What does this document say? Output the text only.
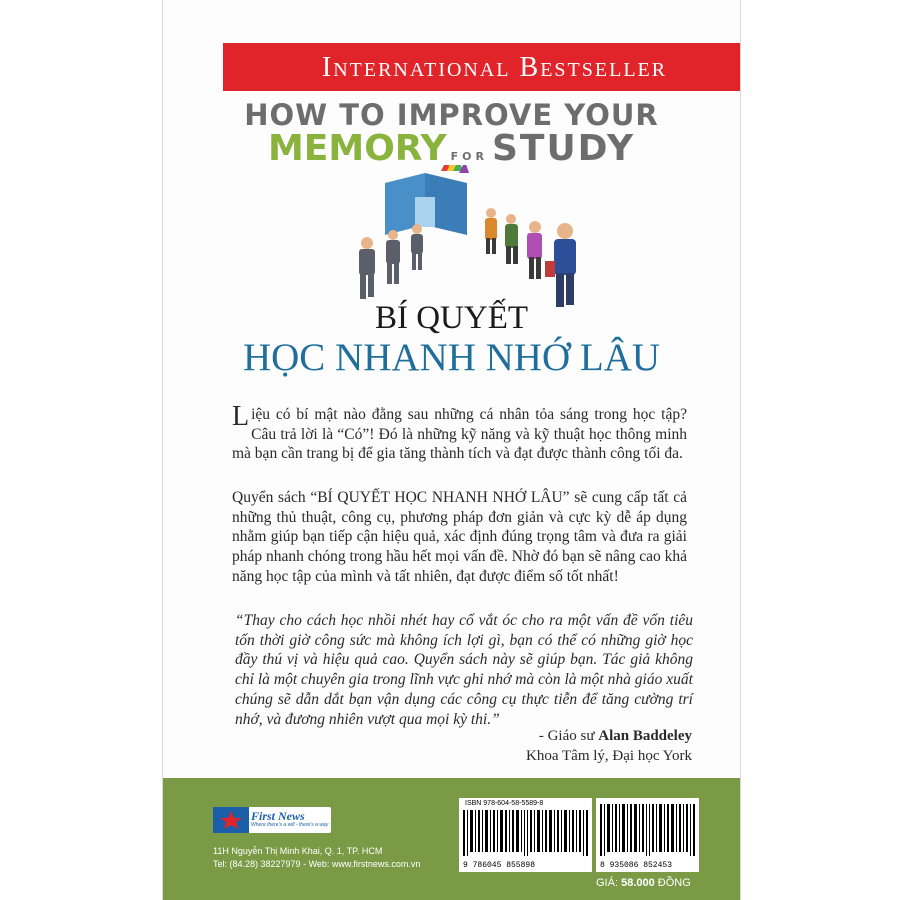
International Bestseller
HOW TO IMPROVE YOUR
MEMORY FOR STUDY
BÍ QUYẾT
HỌC NHANH NHỚ LÂU

Liệu có bí mật nào đằng sau những cá nhân tỏa sáng trong học tập? Câu trả lời là “Có”! Đó là những kỹ năng và kỹ thuật học thông minh mà bạn cần trang bị để gia tăng thành tích và đạt được thành công tối đa.

Quyển sách “BÍ QUYẾT HỌC NHANH NHỚ LÂU” sẽ cung cấp tất cả những thủ thuật, công cụ, phương pháp đơn giản và cực kỳ dễ áp dụng nhằm giúp bạn tiếp cận hiệu quả, xác định đúng trọng tâm và đưa ra giải pháp nhanh chóng trong hầu hết mọi vấn đề. Nhờ đó bạn sẽ nâng cao khả năng học tập của mình và tất nhiên, đạt được điểm số tốt nhất!

“Thay cho cách học nhồi nhét hay cố vắt óc cho ra một vấn đề vốn tiêu tốn thời giờ công sức mà không ích lợi gì, bạn có thể có những giờ học đầy thú vị và hiệu quả cao. Quyển sách này sẽ giúp bạn. Tác giả không chỉ là một chuyên gia trong lĩnh vực ghi nhớ mà còn là một nhà giáo xuất chúng sẽ dẫn dắt bạn vận dụng các công cụ thực tiễn để tăng cường trí nhớ, và đương nhiên vượt qua mọi kỳ thi.”

- Giáo sư Alan Baddeley
Khoa Tâm lý, Đại học York
First News
Where there's a will - there's a way
11H Nguyễn Thị Minh Khai, Q. 1, TP. HCM
Tel: (84.28) 38227979 - Web: www.firstnews.com.vn
ISBN 978-604-58-5589-8
9 786045 855898	8 935086 852453
GIÁ: 58.000 ĐỒNG
